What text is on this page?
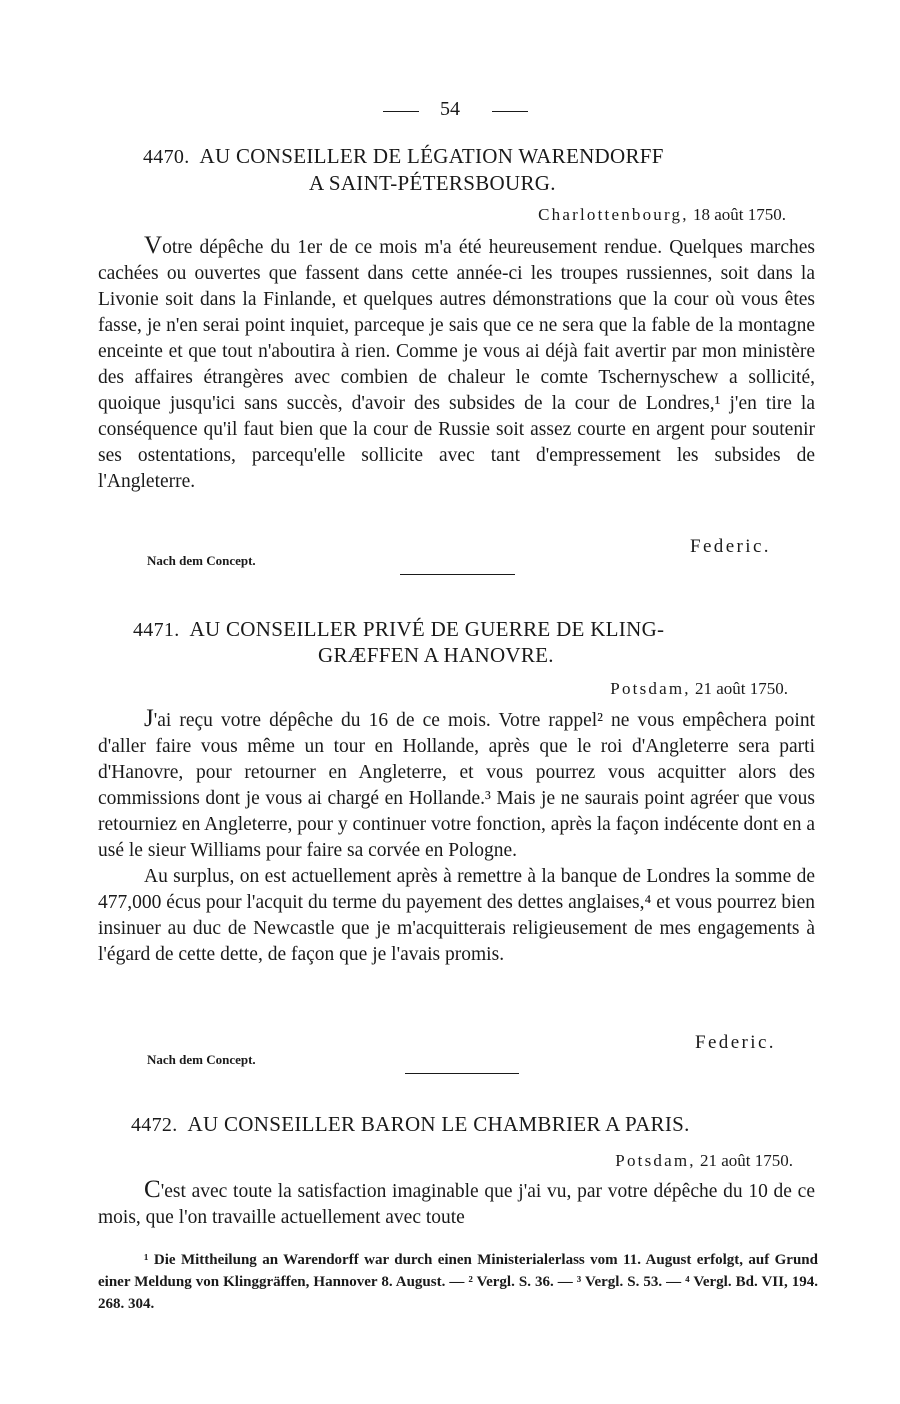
54
4470. AU CONSEILLER DE LÉGATION WARENDORFF
A SAINT-PÉTERSBOURG.
Charlottenbourg, 18 août 1750.

Votre dépêche du 1er de ce mois m'a été heureusement rendue. Quelques marches cachées ou ouvertes que fassent dans cette année-ci les troupes russiennes, soit dans la Livonie soit dans la Finlande, et quelques autres démonstrations que la cour où vous êtes fasse, je n'en serai point inquiet, parceque je sais que ce ne sera que la fable de la montagne enceinte et que tout n'aboutira à rien. Comme je vous ai déjà fait avertir par mon ministère des affaires étrangères avec combien de chaleur le comte Tschernyschew a sollicité, quoique jusqu'ici sans succès, d'avoir des subsides de la cour de Londres,¹ j'en tire la conséquence qu'il faut bien que la cour de Russie soit assez courte en argent pour soutenir ses ostentations, parcequ'elle sollicite avec tant d'empressement les subsides de l'Angleterre.

Federic.
Nach dem Concept.
4471. AU CONSEILLER PRIVÉ DE GUERRE DE KLING-
GRÆFFEN A HANOVRE.
Potsdam, 21 août 1750.

J'ai reçu votre dépêche du 16 de ce mois. Votre rappel² ne vous empêchera point d'aller faire vous même un tour en Hollande, après que le roi d'Angleterre sera parti d'Hanovre, pour retourner en Angleterre, et vous pourrez vous acquitter alors des commissions dont je vous ai chargé en Hollande.³ Mais je ne saurais point agréer que vous retourniez en Angleterre, pour y continuer votre fonction, après la façon indécente dont en a usé le sieur Williams pour faire sa corvée en Pologne.

Au surplus, on est actuellement après à remettre à la banque de Londres la somme de 477,000 écus pour l'acquit du terme du payement des dettes anglaises,⁴ et vous pourrez bien insinuer au duc de Newcastle que je m'acquitterais religieusement de mes engagements à l'égard de cette dette, de façon que je l'avais promis.

Federic.
Nach dem Concept.
4472. AU CONSEILLER BARON LE CHAMBRIER A PARIS.
Potsdam, 21 août 1750.

C'est avec toute la satisfaction imaginable que j'ai vu, par votre dépêche du 10 de ce mois, que l'on travaille actuellement avec toute

¹ Die Mittheilung an Warendorff war durch einen Ministerialerlass vom 11. August erfolgt, auf Grund einer Meldung von Klinggräffen, Hannover 8. August. — ² Vergl. S. 36. — ³ Vergl. S. 53. — ⁴ Vergl. Bd. VII, 194. 268. 304.
